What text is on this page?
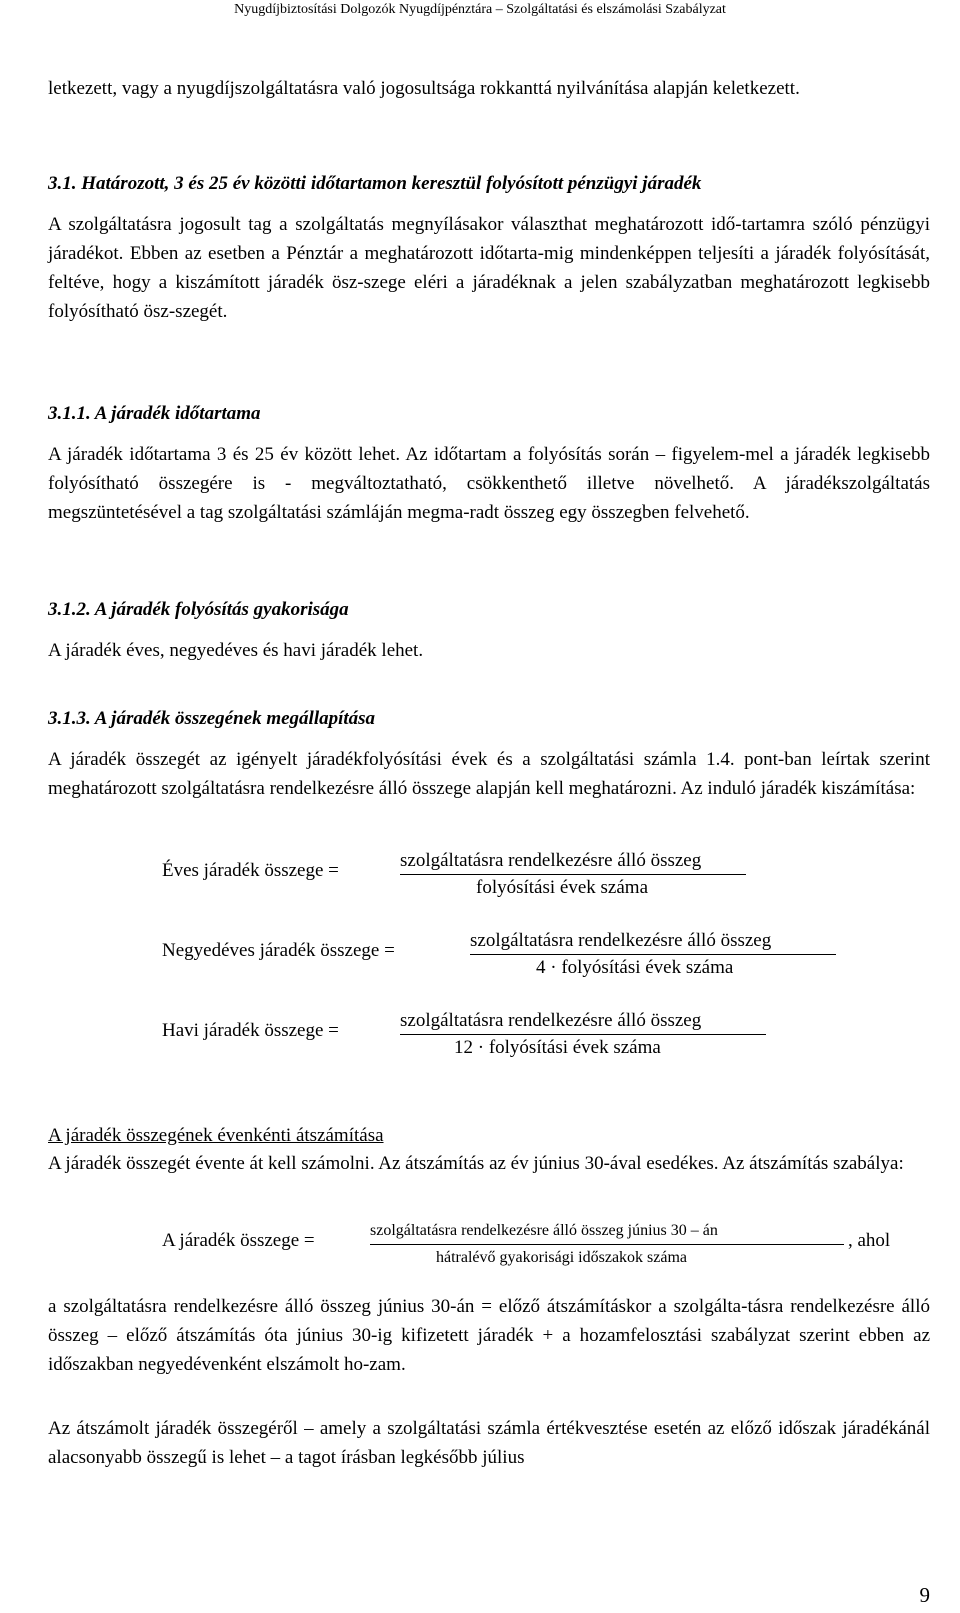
Nyugdíjbiztosítási Dolgozók Nyugdíjpénztára – Szolgáltatási és elszámolási Szabályzat

letkezett, vagy a nyugdíjszolgáltatásra való jogosultsága rokkanttá nyilvánítása alapján keletkezett.

3.1. Határozott, 3 és 25 év közötti időtartamon keresztül folyósított pénzügyi járadék

A szolgáltatásra jogosult tag a szolgáltatás megnyílásakor választhat meghatározott idő-tartamra szóló pénzügyi járadékot. Ebben az esetben a Pénztár a meghatározott időtarta-mig mindenképpen teljesíti a járadék folyósítását, feltéve, hogy a kiszámított járadék ösz-szege eléri a járadéknak a jelen szabályzatban meghatározott legkisebb folyósítható ösz-szegét.

3.1.1. A járadék időtartama

A járadék időtartama 3 és 25 év között lehet. Az időtartam a folyósítás során – figyelem-mel a járadék legkisebb folyósítható összegére is - megváltoztatható, csökkenthető illetve növelhető. A járadékszolgáltatás megszüntetésével a tag szolgáltatási számláján megma-radt összeg egy összegben felvehető.

3.1.2. A járadék folyósítás gyakorisága

A járadék éves, negyedéves és havi járadék lehet.

3.1.3. A járadék összegének megállapítása

A járadék összegét az igényelt járadékfolyósítási évek és a szolgáltatási számla 1.4. pont-ban leírtak szerint meghatározott szolgáltatásra rendelkezésre álló összege alapján kell meghatározni. Az induló járadék kiszámítása:

Éves járadék összege =	szolgáltatásra rendelkezésre álló összeg
folyósítási évek száma
Negyedéves járadék összege =	szolgáltatásra rendelkezésre álló összeg
4 · folyósítási évek száma
Havi járadék összege =	szolgáltatásra rendelkezésre álló összeg
12 · folyósítási évek száma

A járadék összegének évenkénti átszámítása

A járadék összegét évente át kell számolni. Az átszámítás az év június 30-ával esedékes. Az átszámítás szabálya:

A járadék összege =	szolgáltatásra rendelkezésre álló összeg június 30 – án
hátralévő gyakorisági időszakok száma
, ahol

a szolgáltatásra rendelkezésre álló összeg június 30-án = előző átszámításkor a szolgálta-tásra rendelkezésre álló összeg – előző átszámítás óta június 30-ig kifizetett járadék + a hozamfelosztási szabályzat szerint ebben az időszakban negyedévenként elszámolt ho-zam.

Az átszámolt járadék összegéről – amely a szolgáltatási számla értékvesztése esetén az előző időszak járadékánál alacsonyabb összegű is lehet – a tagot írásban legkésőbb július

9
